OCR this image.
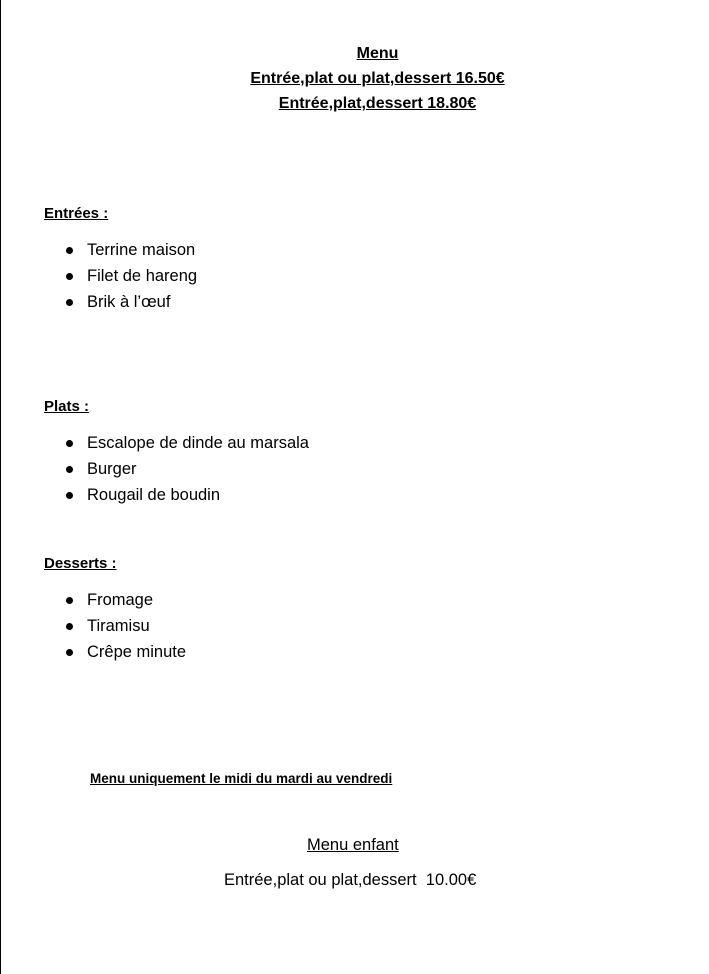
Menu
Entrée,plat ou plat,dessert 16.50€
Entrée,plat,dessert 18.80€
Entrées :
Terrine maison
Filet de hareng
Brik à l’œuf
Plats :
Escalope de dinde au marsala
Burger
Rougail de boudin
Desserts :
Fromage
Tiramisu
Crêpe minute
Menu uniquement le midi du mardi au vendredi
Menu enfant
Entrée,plat ou plat,dessert  10.00€
